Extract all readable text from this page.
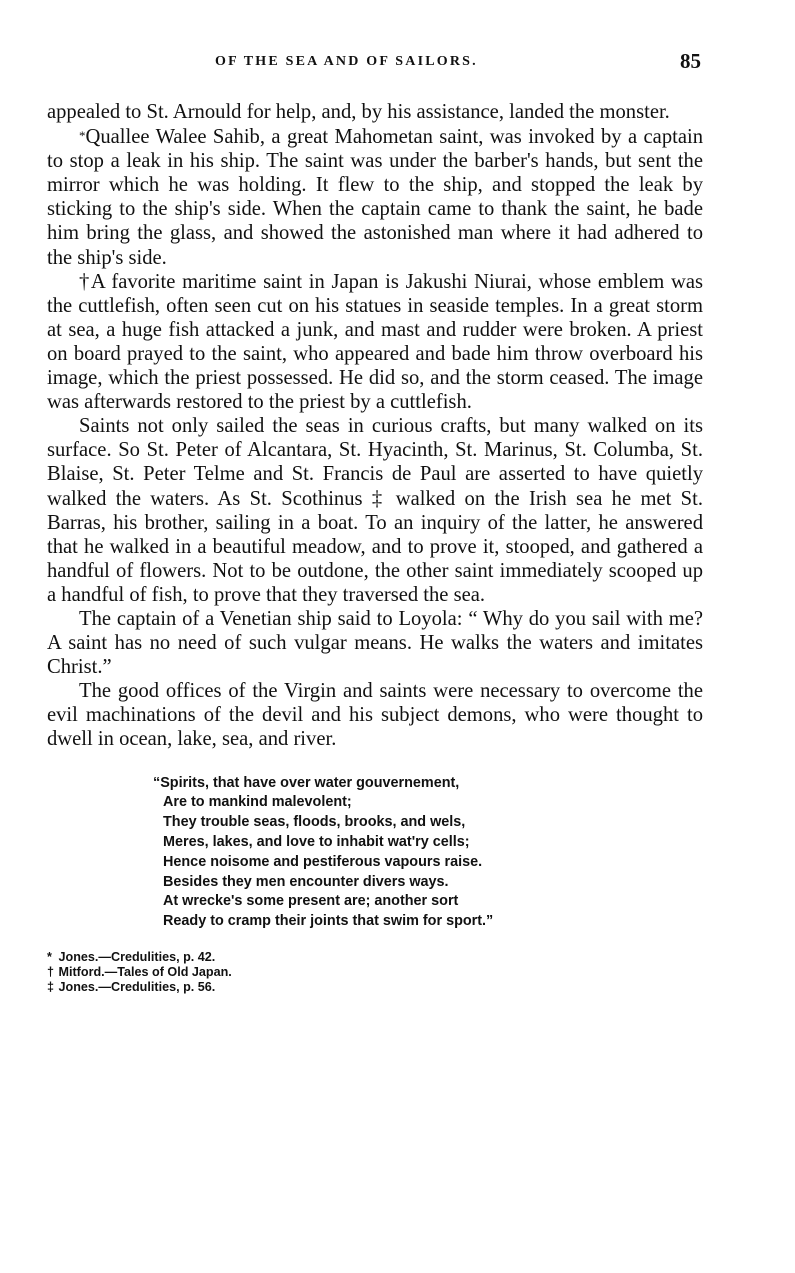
OF THE SEA AND OF SAILORS.	85

appealed to St. Arnould for help, and, by his assistance, landed the monster.

*Quallee Walee Sahib, a great Mahometan saint, was invoked by a captain to stop a leak in his ship. The saint was under the barber's hands, but sent the mirror which he was holding. It flew to the ship, and stopped the leak by sticking to the ship's side. When the captain came to thank the saint, he bade him bring the glass, and showed the astonished man where it had adhered to the ship's side.

†A favorite maritime saint in Japan is Jakushi Niurai, whose emblem was the cuttlefish, often seen cut on his statues in seaside temples. In a great storm at sea, a huge fish attacked a junk, and mast and rudder were broken. A priest on board prayed to the saint, who appeared and bade him throw overboard his image, which the priest possessed. He did so, and the storm ceased. The image was afterwards restored to the priest by a cuttlefish.

Saints not only sailed the seas in curious crafts, but many walked on its surface. So St. Peter of Alcantara, St. Hyacinth, St. Marinus, St. Columba, St. Blaise, St. Peter Telme and St. Francis de Paul are asserted to have quietly walked the waters. As St. Scothinus ‡ walked on the Irish sea he met St. Barras, his brother, sailing in a boat. To an inquiry of the latter, he answered that he walked in a beautiful meadow, and to prove it, stooped, and gathered a handful of flowers. Not to be outdone, the other saint immediately scooped up a handful of fish, to prove that they traversed the sea.

The captain of a Venetian ship said to Loyola: “ Why do you sail with me? A saint has no need of such vulgar means. He walks the waters and imitates Christ.”

The good offices of the Virgin and saints were necessary to overcome the evil machinations of the devil and his subject demons, who were thought to dwell in ocean, lake, sea, and river.

“Spirits, that have over water gouvernement,
Are to mankind malevolent;
They trouble seas, floods, brooks, and wels,
Meres, lakes, and love to inhabit wat'ry cells;
Hence noisome and pestiferous vapours raise.
Besides they men encounter divers ways.
At wrecke's some present are; another sort
Ready to cramp their joints that swim for sport.”
* Jones.—Credulities, p. 42.
† Mitford.—Tales of Old Japan.
‡ Jones.—Credulities, p. 56.
